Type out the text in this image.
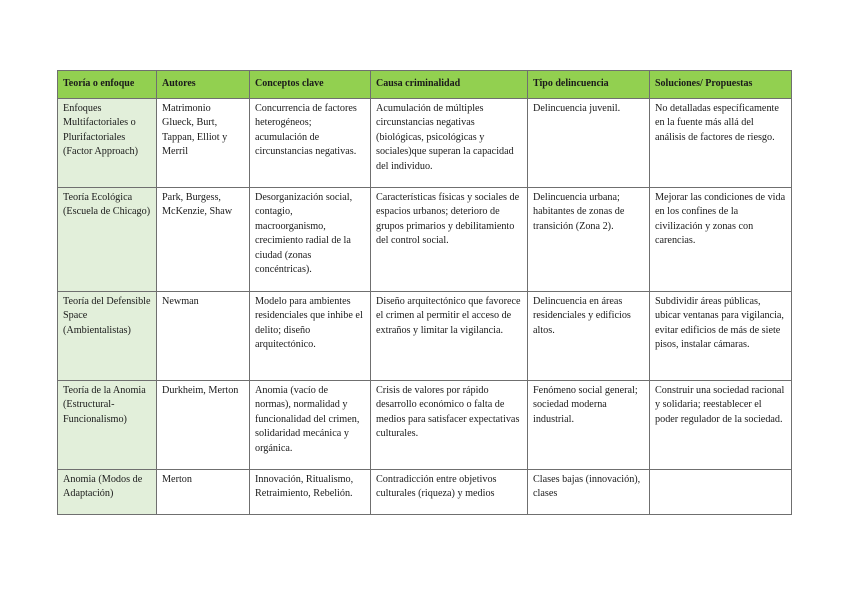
Teoría o enfoque	Autores	Conceptos clave	Causa criminalidad	Tipo delincuencia	Soluciones/ Propuestas
Enfoques Multifactoriales o Plurifactoriales (Factor Approach)	Matrimonio Glueck, Burt, Tappan, Elliot y Merril	Concurrencia de factores heterogéneos; acumulación de circunstancias negativas.	Acumulación de múltiples circunstancias negativas (biológicas, psicológicas y sociales)que superan la capacidad del individuo.	Delincuencia juvenil.	No detalladas específicamente en la fuente más allá del análisis de factores de riesgo.
Teoría Ecológica (Escuela de Chicago)	Park, Burgess, McKenzie, Shaw	Desorganización social, contagio, macroorganismo, crecimiento radial de la ciudad (zonas concéntricas).	Características físicas y sociales de espacios urbanos; deterioro de grupos primarios y debilitamiento del control social.	Delincuencia urbana; habitantes de zonas de transición (Zona 2).	Mejorar las condiciones de vida en los confines de la civilización y zonas con carencias.
Teoría del Defensible Space (Ambientalistas)	Newman	Modelo para ambientes residenciales que inhibe el delito; diseño arquitectónico.	Diseño arquitectónico que favorece el crimen al permitir el acceso de extraños y limitar la vigilancia.	Delincuencia en áreas residenciales y edificios altos.	Subdividir áreas públicas, ubicar ventanas para vigilancia, evitar edificios de más de siete pisos, instalar cámaras.
Teoría de la Anomia (Estructural-Funcionalismo)	Durkheim, Merton	Anomia (vacío de normas), normalidad y funcionalidad del crimen, solidaridad mecánica y orgánica.	Crisis de valores por rápido desarrollo económico o falta de medios para satisfacer expectativas culturales.	Fenómeno social general; sociedad moderna industrial.	Construir una sociedad racional y solidaria; reestablecer el poder regulador de la sociedad.
Anomia (Modos de Adaptación)	Merton	Innovación, Ritualismo, Retraimiento, Rebelión.	Contradicción entre objetivos culturales (riqueza) y medios	Clases bajas (innovación), clases	
